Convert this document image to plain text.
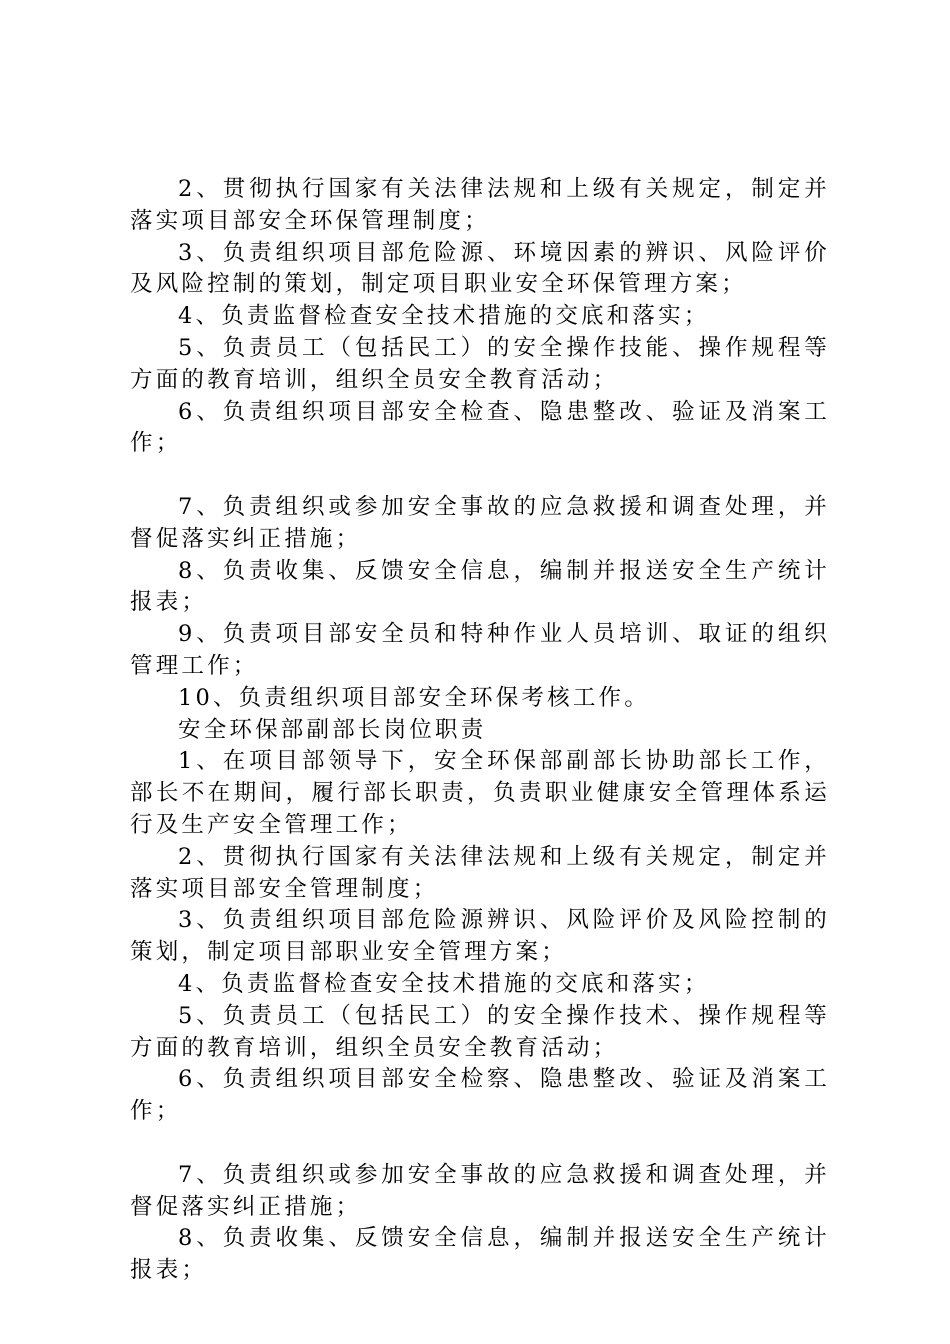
2、贯彻执行国家有关法律法规和上级有关规定，制定并落实项目部安全环保管理制度；

3、负责组织项目部危险源、环境因素的辨识、风险评价及风险控制的策划，制定项目职业安全环保管理方案；

4、负责监督检查安全技术措施的交底和落实；

5、负责员工（包括民工）的安全操作技能、操作规程等方面的教育培训，组织全员安全教育活动；

6、负责组织项目部安全检查、隐患整改、验证及消案工作；

7、负责组织或参加安全事故的应急救援和调查处理，并督促落实纠正措施；

8、负责收集、反馈安全信息，编制并报送安全生产统计报表；

9、负责项目部安全员和特种作业人员培训、取证的组织管理工作；

10、负责组织项目部安全环保考核工作。

安全环保部副部长岗位职责

1、在项目部领导下，安全环保部副部长协助部长工作，部长不在期间，履行部长职责，负责职业健康安全管理体系运行及生产安全管理工作；

2、贯彻执行国家有关法律法规和上级有关规定，制定并落实项目部安全管理制度；

3、负责组织项目部危险源辨识、风险评价及风险控制的策划，制定项目部职业安全管理方案；

4、负责监督检查安全技术措施的交底和落实；

5、负责员工（包括民工）的安全操作技术、操作规程等方面的教育培训，组织全员安全教育活动；

6、负责组织项目部安全检察、隐患整改、验证及消案工作；

7、负责组织或参加安全事故的应急救援和调查处理，并督促落实纠正措施；

8、负责收集、反馈安全信息，编制并报送安全生产统计报表；
